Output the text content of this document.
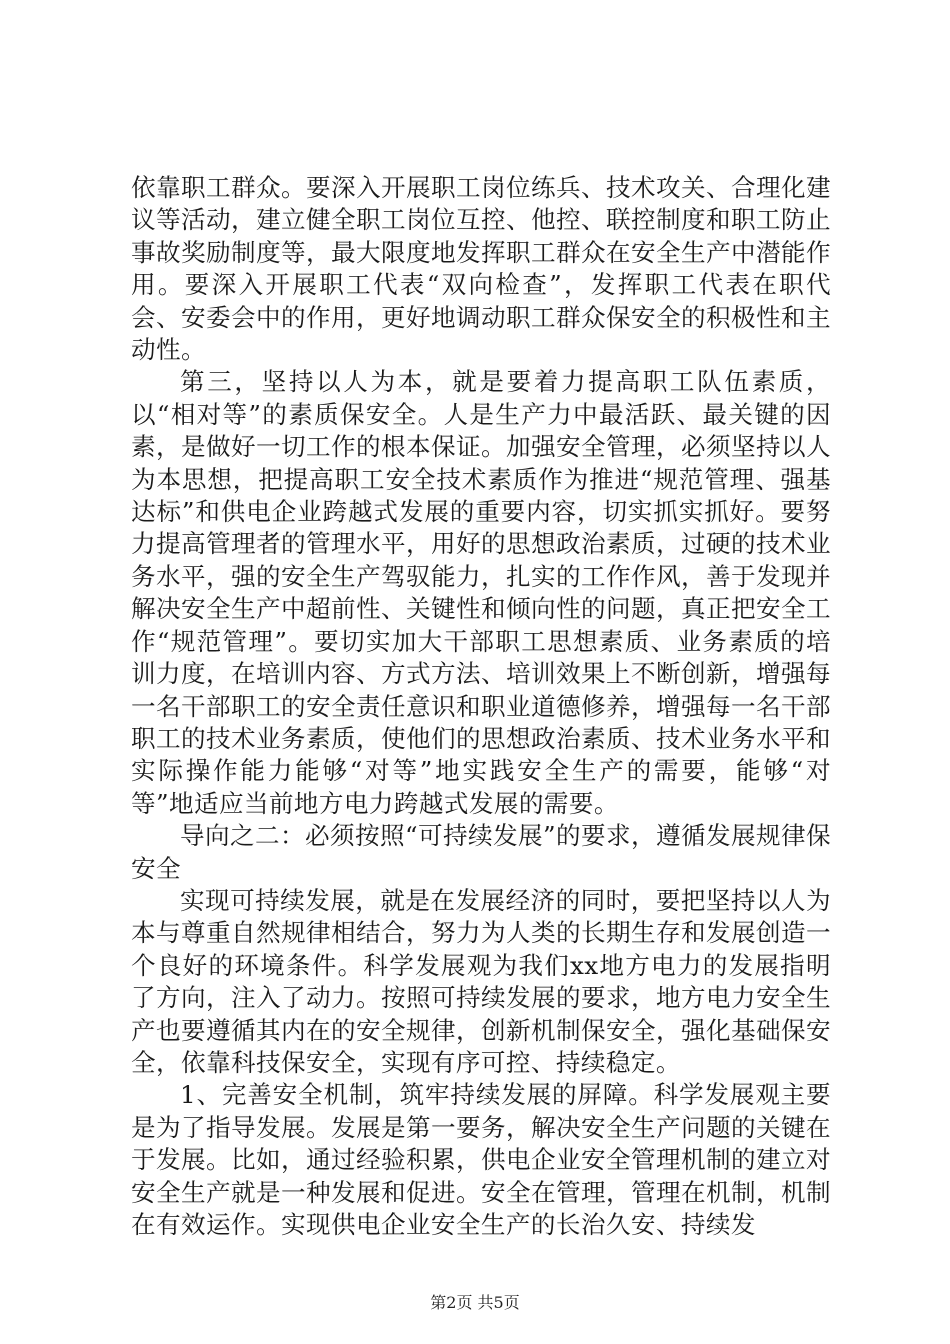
依靠职工群众。要深入开展职工岗位练兵、技术攻关、合理化建议等活动，建立健全职工岗位互控、他控、联控制度和职工防止事故奖励制度等，最大限度地发挥职工群众在安全生产中潜能作用。要深入开展职工代表“双向检查”，发挥职工代表在职代会、安委会中的作用，更好地调动职工群众保安全的积极性和主动性。

第三，坚持以人为本，就是要着力提高职工队伍素质，以“相对等”的素质保安全。人是生产力中最活跃、最关键的因素，是做好一切工作的根本保证。加强安全管理，必须坚持以人为本思想，把提高职工安全技术素质作为推进“规范管理、强基达标”和供电企业跨越式发展的重要内容，切实抓实抓好。要努力提高管理者的管理水平，用好的思想政治素质，过硬的技术业务水平，强的安全生产驾驭能力，扎实的工作作风，善于发现并解决安全生产中超前性、关键性和倾向性的问题，真正把安全工作“规范管理”。要切实加大干部职工思想素质、业务素质的培训力度，在培训内容、方式方法、培训效果上不断创新，增强每一名干部职工的安全责任意识和职业道德修养，增强每一名干部职工的技术业务素质，使他们的思想政治素质、技术业务水平和实际操作能力能够“对等”地实践安全生产的需要，能够“对等”地适应当前地方电力跨越式发展的需要。

导向之二：必须按照“可持续发展”的要求，遵循发展规律保安全

实现可持续发展，就是在发展经济的同时，要把坚持以人为本与尊重自然规律相结合，努力为人类的长期生存和发展创造一个良好的环境条件。科学发展观为我们xx地方电力的发展指明了方向，注入了动力。按照可持续发展的要求，地方电力安全生产也要遵循其内在的安全规律，创新机制保安全，强化基础保安全，依靠科技保安全，实现有序可控、持续稳定。

1、完善安全机制，筑牢持续发展的屏障。科学发展观主要是为了指导发展。发展是第一要务，解决安全生产问题的关键在于发展。比如，通过经验积累，供电企业安全管理机制的建立对安全生产就是一种发展和促进。安全在管理，管理在机制，机制在有效运作。实现供电企业安全生产的长治久安、持续发

第2页 共5页
